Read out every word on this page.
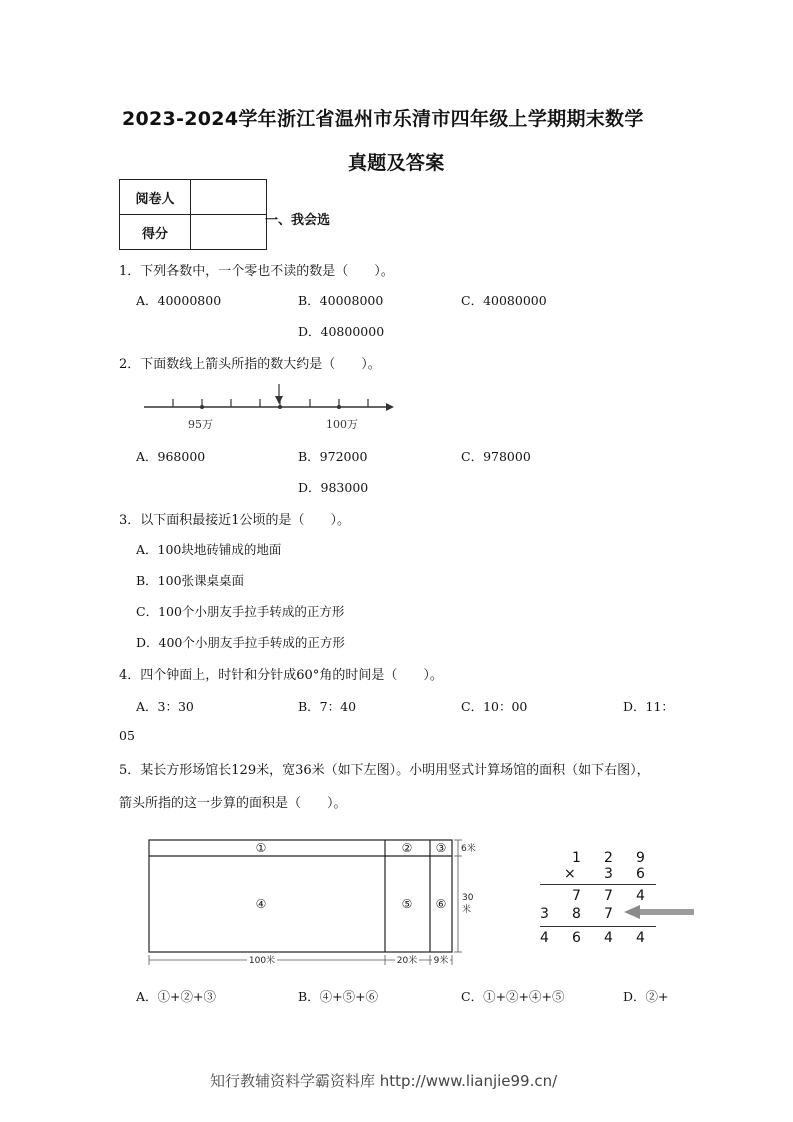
2023-2024学年浙江省温州市乐清市四年级上学期期末数学
真题及答案
阅卷人	
得分	
一、我会选
1．下列各数中，一个零也不读的数是（　　）。
A．40000800	B．40008000	C．40080000
D．40800000
2．下面数线上箭头所指的数大约是（　　）。
95万	100万
A．968000	B．972000	C．978000
D．983000
3．以下面积最接近1公顷的是（　　）。
A．100块地砖铺成的地面
B．100张课桌桌面
C．100个小朋友手拉手转成的正方形
D．400个小朋友手拉手转成的正方形
4．四个钟面上，时针和分针成60°角的时间是（　　）。
A．3：30	B．7：40	C．10：00	D．11：
05
5．某长方形场馆长129米，宽36米（如下左图）。小明用竖式计算场馆的面积（如下右图），
箭头所指的这一步算的面积是（　　）。
①	② ③
④	⑤ ⑥
6米
30
米
100米	20米 9米
1 2 9
× 3 6
7 7 4
3 8 7
4 6 4 4
A．①+②+③	B．④+⑤+⑥	C．①+②+④+⑤	D．②+
知行教辅资料学霸资料库 http://www.lianjie99.cn/
